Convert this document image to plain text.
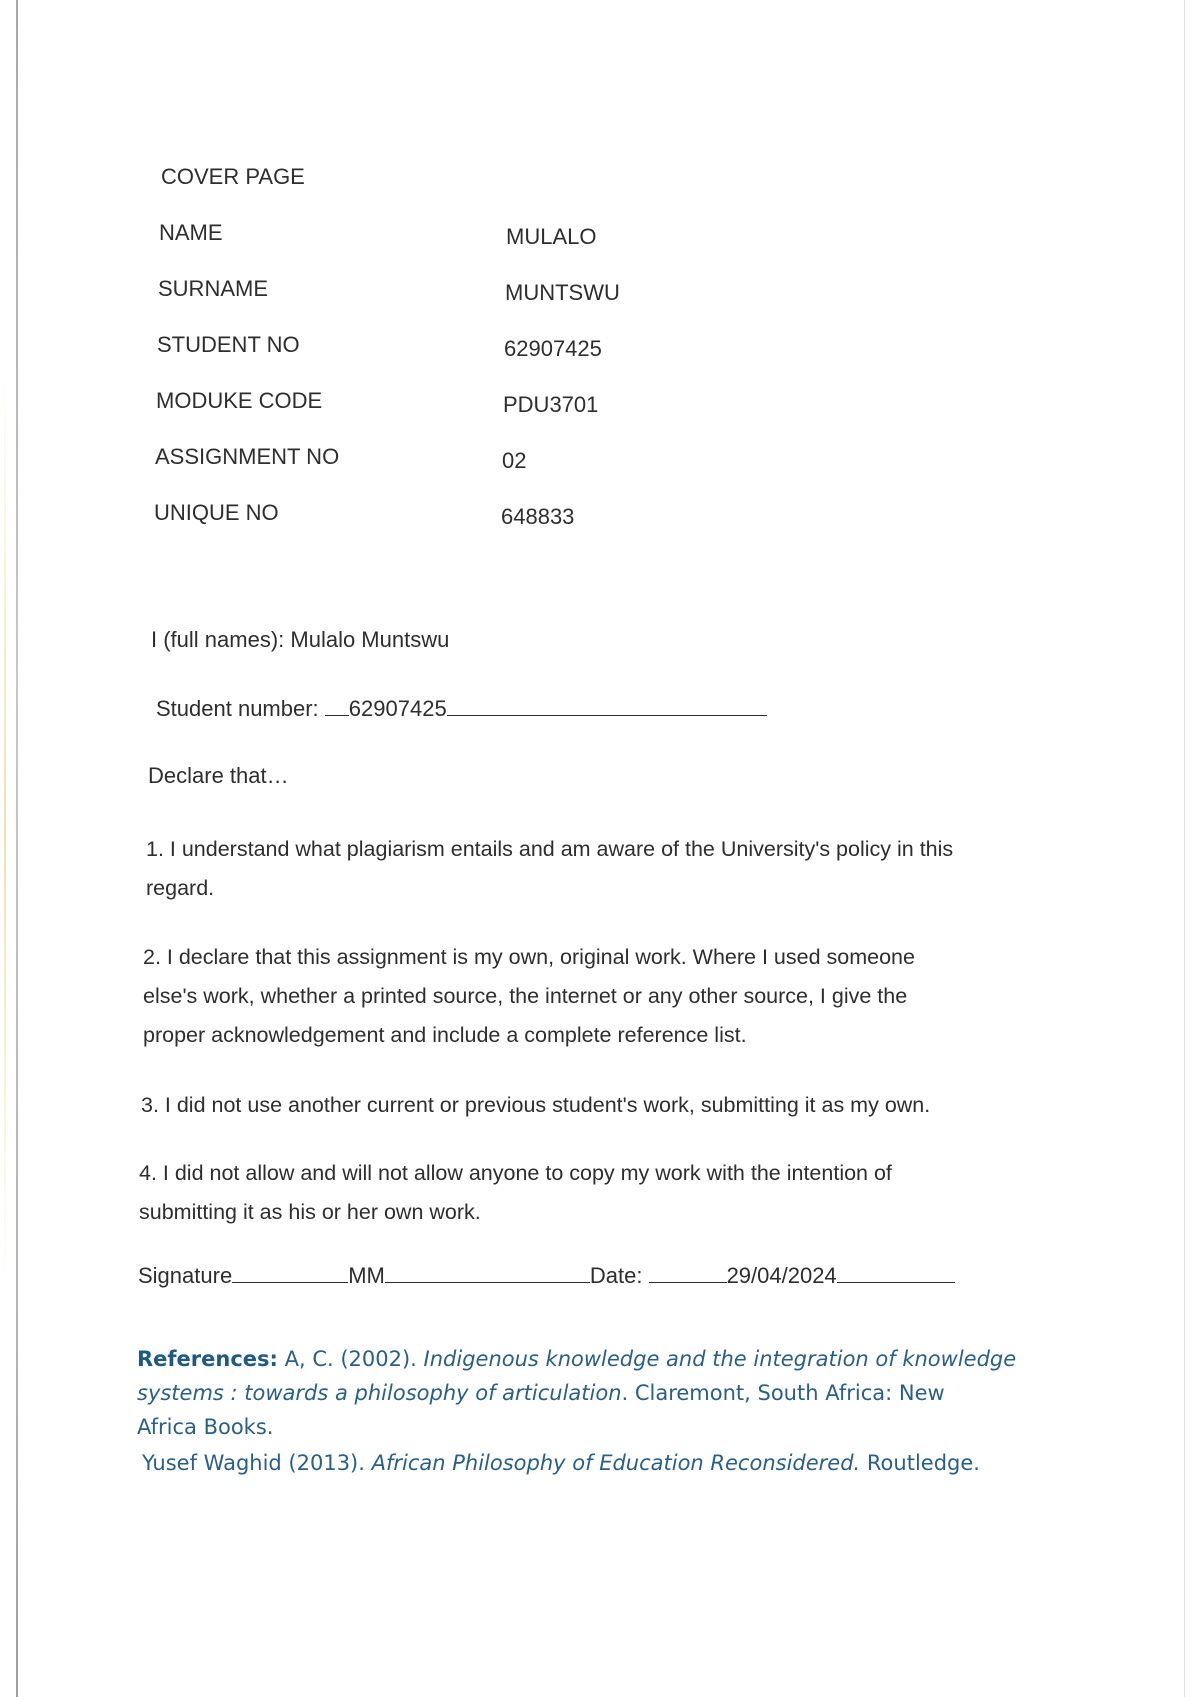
COVER PAGE
NAME	MULALO
SURNAME	MUNTSWU
STUDENT NO	62907425
MODUKE CODE	PDU3701
ASSIGNMENT NO	02
UNIQUE NO	648833
I (full names): Mulalo Muntswu
Student number: 62907425
Declare that…
1. I understand what plagiarism entails and am aware of the University's policy in this
regard.
2. I declare that this assignment is my own, original work. Where I used someone
else's work, whether a printed source, the internet or any other source, I give the
proper acknowledgement and include a complete reference list.
3. I did not use another current or previous student's work, submitting it as my own.
4. I did not allow and will not allow anyone to copy my work with the intention of
submitting it as his or her own work.
Signature	MM	Date:	29/04/2024
References: A, C. (2002). Indigenous knowledge and the integration of knowledge
systems : towards a philosophy of articulation. Claremont, South Africa: New
Africa Books.
Yusef Waghid (2013). African Philosophy of Education Reconsidered. Routledge.
